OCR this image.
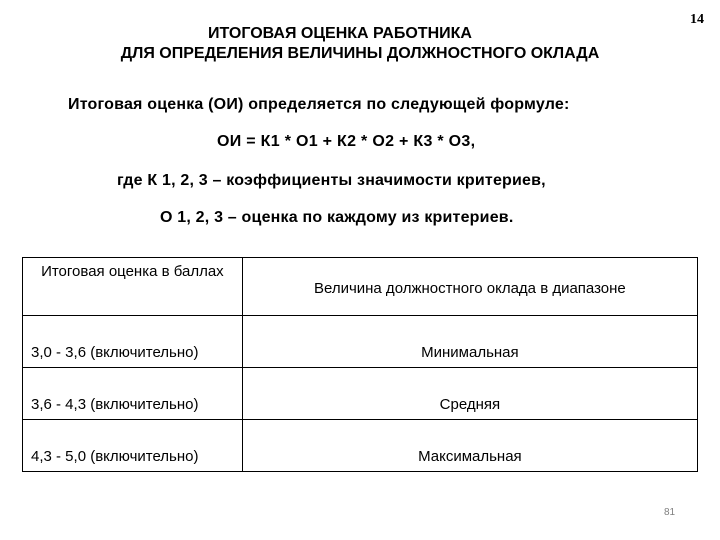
14
ИТОГОВАЯ ОЦЕНКА РАБОТНИКА
ДЛЯ ОПРЕДЕЛЕНИЯ ВЕЛИЧИНЫ ДОЛЖНОСТНОГО ОКЛАДА
Итоговая оценка (ОИ) определяется по следующей формуле:
ОИ = К1 * О1 + К2 * О2 + К3 * О3,
где К 1, 2, 3 – коэффициенты значимости критериев,
О 1, 2, 3 – оценка по каждому из критериев.
Итоговая оценка в баллах	Величина должностного оклада в диапазоне
3,0 - 3,6 (включительно)	Минимальная
3,6 - 4,3 (включительно)	Средняя
4,3 - 5,0 (включительно)	Максимальная
81
